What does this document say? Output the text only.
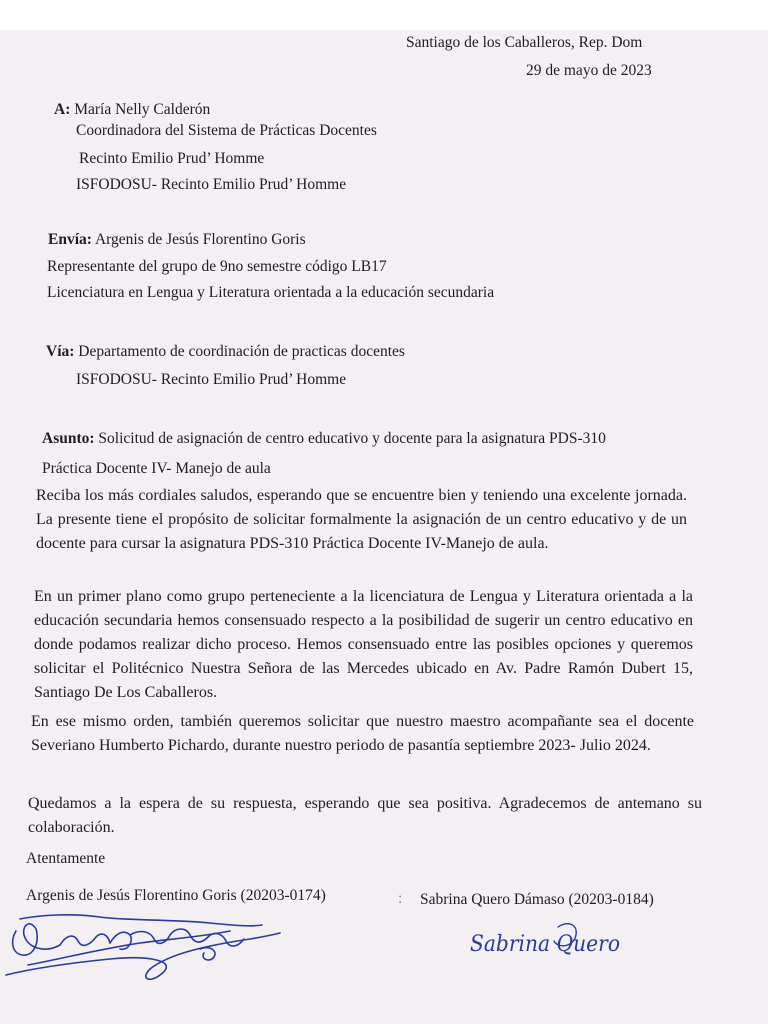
Santiago de los Caballeros, Rep. Dom
29 de mayo de 2023
A: María Nelly Calderón
Coordinadora del Sistema de Prácticas Docentes
Recinto Emilio Prud’ Homme
ISFODOSU- Recinto Emilio Prud’ Homme
Envía: Argenis de Jesús Florentino Goris
Representante del grupo de 9no semestre código LB17
Licenciatura en Lengua y Literatura orientada a la educación secundaria
Vía: Departamento de coordinación de practicas docentes
ISFODOSU- Recinto Emilio Prud’ Homme
Asunto: Solicitud de asignación de centro educativo y docente para la asignatura PDS-310
Práctica Docente IV- Manejo de aula
Reciba los más cordiales saludos, esperando que se encuentre bien y teniendo una excelente jornada. La presente tiene el propósito de solicitar formalmente la asignación de un centro educativo y de un docente para cursar la asignatura PDS-310 Práctica Docente IV-Manejo de aula.
En un primer plano como grupo perteneciente a la licenciatura de Lengua y Literatura orientada a la educación secundaria hemos consensuado respecto a la posibilidad de sugerir un centro educativo en donde podamos realizar dicho proceso. Hemos consensuado entre las posibles opciones y queremos solicitar el Politécnico Nuestra Señora de las Mercedes ubicado en Av. Padre Ramón Dubert 15, Santiago De Los Caballeros.
En ese mismo orden, también queremos solicitar que nuestro maestro acompañante sea el docente Severiano Humberto Pichardo, durante nuestro periodo de pasantía septiembre 2023- Julio 2024.
Quedamos a la espera de su respuesta, esperando que sea positiva. Agradecemos de antemano su colaboración.
Atentamente
Argenis de Jesús Florentino Goris (20203-0174)	: Sabrina Quero Dámaso (20203-0184)
Sabrina Quero
